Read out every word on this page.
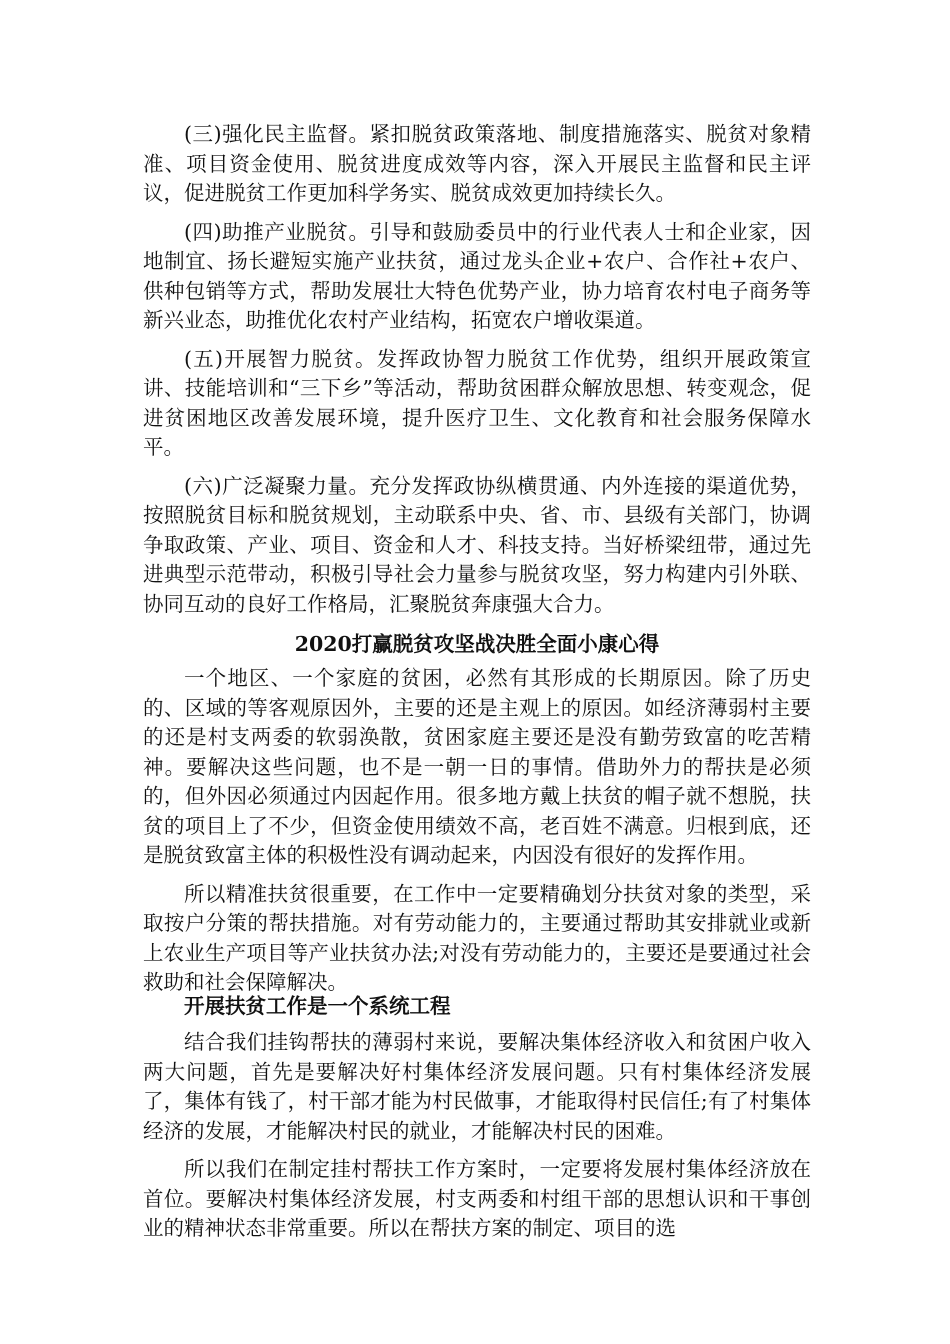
(三)强化民主监督。紧扣脱贫政策落地、制度措施落实、脱贫对象精准、项目资金使用、脱贫进度成效等内容，深入开展民主监督和民主评议，促进脱贫工作更加科学务实、脱贫成效更加持续长久。

(四)助推产业脱贫。引导和鼓励委员中的行业代表人士和企业家，因地制宜、扬长避短实施产业扶贫，通过龙头企业+农户、合作社+农户、供种包销等方式，帮助发展壮大特色优势产业，协力培育农村电子商务等新兴业态，助推优化农村产业结构，拓宽农户增收渠道。

(五)开展智力脱贫。发挥政协智力脱贫工作优势，组织开展政策宣讲、技能培训和“三下乡”等活动，帮助贫困群众解放思想、转变观念，促进贫困地区改善发展环境，提升医疗卫生、文化教育和社会服务保障水平。

(六)广泛凝聚力量。充分发挥政协纵横贯通、内外连接的渠道优势，按照脱贫目标和脱贫规划，主动联系中央、省、市、县级有关部门，协调争取政策、产业、项目、资金和人才、科技支持。当好桥梁纽带，通过先进典型示范带动，积极引导社会力量参与脱贫攻坚，努力构建内引外联、协同互动的良好工作格局，汇聚脱贫奔康强大合力。

2020打赢脱贫攻坚战决胜全面小康心得

一个地区、一个家庭的贫困，必然有其形成的长期原因。除了历史的、区域的等客观原因外，主要的还是主观上的原因。如经济薄弱村主要的还是村支两委的软弱涣散，贫困家庭主要还是没有勤劳致富的吃苦精神。要解决这些问题，也不是一朝一日的事情。借助外力的帮扶是必须的，但外因必须通过内因起作用。很多地方戴上扶贫的帽子就不想脱，扶贫的项目上了不少，但资金使用绩效不高，老百姓不满意。归根到底，还是脱贫致富主体的积极性没有调动起来，内因没有很好的发挥作用。

所以精准扶贫很重要，在工作中一定要精确划分扶贫对象的类型，采取按户分策的帮扶措施。对有劳动能力的，主要通过帮助其安排就业或新上农业生产项目等产业扶贫办法;对没有劳动能力的，主要还是要通过社会救助和社会保障解决。

开展扶贫工作是一个系统工程

结合我们挂钩帮扶的薄弱村来说，要解决集体经济收入和贫困户收入两大问题，首先是要解决好村集体经济发展问题。只有村集体经济发展了，集体有钱了，村干部才能为村民做事，才能取得村民信任;有了村集体经济的发展，才能解决村民的就业，才能解决村民的困难。

所以我们在制定挂村帮扶工作方案时，一定要将发展村集体经济放在首位。要解决村集体经济发展，村支两委和村组干部的思想认识和干事创业的精神状态非常重要。所以在帮扶方案的制定、项目的选
